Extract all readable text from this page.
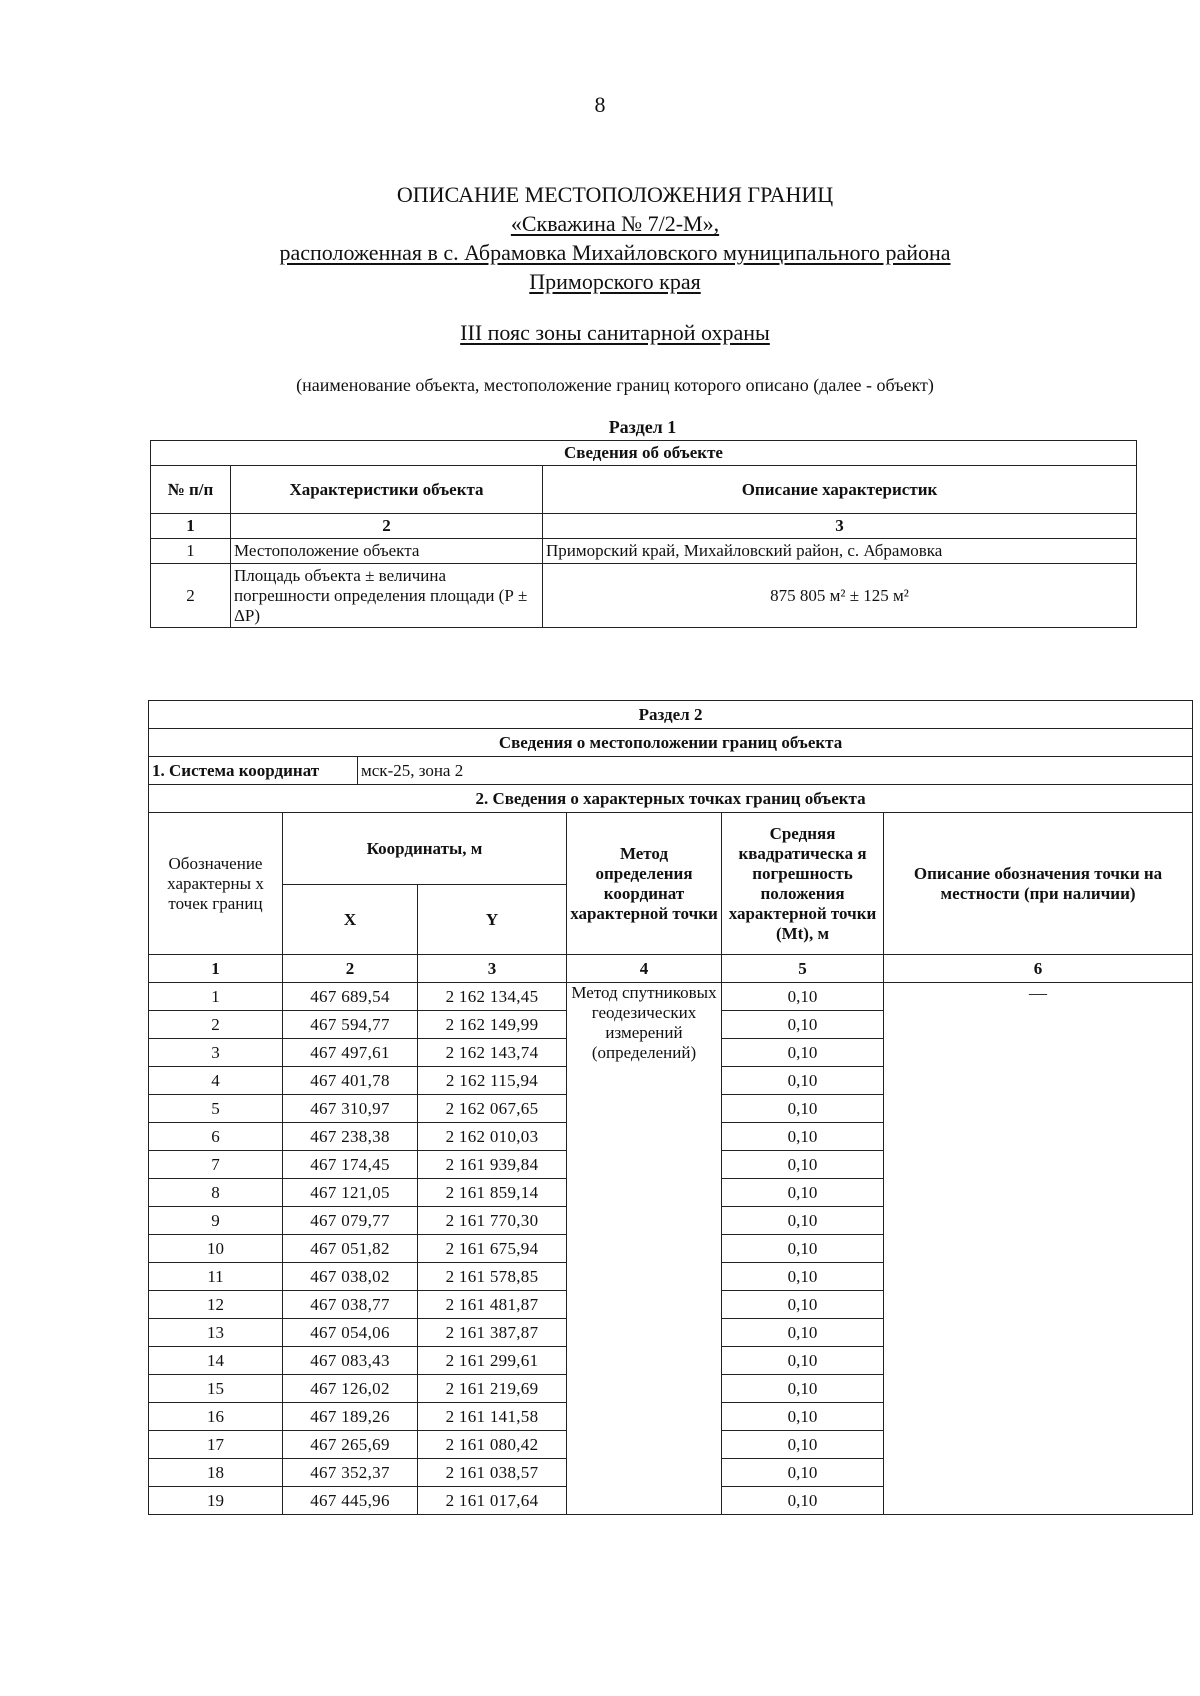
8
ОПИСАНИЕ МЕСТОПОЛОЖЕНИЯ ГРАНИЦ
«Скважина № 7/2-М»,
расположенная в с. Абрамовка Михайловского муниципального района
Приморского края
III пояс зоны санитарной охраны
(наименование объекта, местоположение границ которого описано (далее - объект)
Раздел 1
Сведения об объекте		
№ п/п	Характеристики объекта	Описание характеристик
1	2	3
1	Местоположение объекта	Приморский край, Михайловский район, с. Абрамовка
2	Площадь объекта ± величина погрешности определения площади (Р ± ΔР)	875 805 м² ± 125 м²
Раздел 2						
Сведения о местоположении границ объекта						
1. Система координат		мск-25, зона 2				
2. Сведения о характерных точках границ объекта						
Обозначение характерны х точек границ	Координаты, м			Метод определения координат характерной точки	Средняя квадратическа я погрешность положения характерной точки (Mt), м	Описание обозначения точки на местности (при наличии)
	X		Y			
1	2		3	4	5	6
1	467 689,54		2 162 134,45	Метод спутниковых геодезических измерений (определений)	0,10	—
2	467 594,77		2 162 149,99		0,10	
3	467 497,61		2 162 143,74		0,10	
4	467 401,78		2 162 115,94		0,10	
5	467 310,97		2 162 067,65		0,10	
6	467 238,38		2 162 010,03		0,10	
7	467 174,45		2 161 939,84		0,10	
8	467 121,05		2 161 859,14		0,10	
9	467 079,77		2 161 770,30		0,10	
10	467 051,82		2 161 675,94		0,10	
11	467 038,02		2 161 578,85		0,10	
12	467 038,77		2 161 481,87		0,10	
13	467 054,06		2 161 387,87		0,10	
14	467 083,43		2 161 299,61		0,10	
15	467 126,02		2 161 219,69		0,10	
16	467 189,26		2 161 141,58		0,10	
17	467 265,69		2 161 080,42		0,10	
18	467 352,37		2 161 038,57		0,10	
19	467 445,96		2 161 017,64		0,10	
